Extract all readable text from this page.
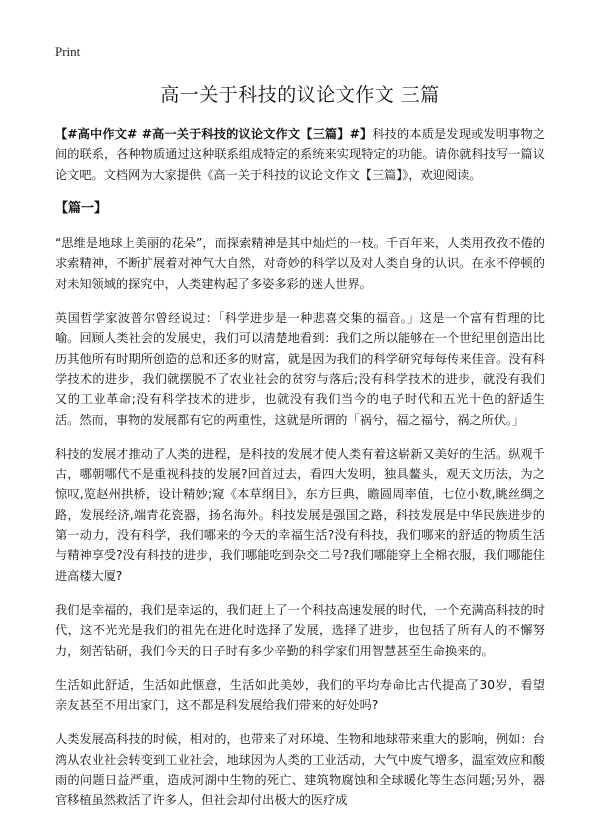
Print
高一关于科技的议论文作文 三篇

【#高中作文# #高一关于科技的议论文作文【三篇】#】科技的本质是发现或发明事物之间的联系，各种物质通过这种联系组成特定的系统来实现特定的功能。请你就科技写一篇议论文吧。文档网为大家提供《高一关于科技的议论文作文【三篇】》，欢迎阅读。

【篇一】

“思维是地球上美丽的花朵”，而探索精神是其中灿烂的一枝。千百年来，人类用孜孜不倦的求索精神，不断扩展着对神气大自然，对奇妙的科学以及对人类自身的认识。在永不停顿的对未知领域的探究中，人类建构起了多姿多彩的迷人世界。

英国哲学家波普尔曾经说过：「科学进步是一种悲喜交集的福音。」这是一个富有哲理的比喻。回顾人类社会的发展史，我们可以清楚地看到：我们之所以能够在一个世纪里创造出比历其他所有时期所创造的总和还多的财富，就是因为我们的科学研究每每传来佳音。没有科学技术的进步，我们就摆脱不了农业社会的贫穷与落后;没有科学技术的进步，就没有我们又的工业革命;没有科学技术的进步，也就没有我们当今的电子时代和五光十色的舒适生活。然而，事物的发展都有它的两重性，这就是所谓的「祸兮，福之福兮，祸之所伏。」

科技的发展才推动了人类的进程，是科技的发展才使人类有着这崭新又美好的生活。纵观千古，哪朝哪代不是重视科技的发展?回首过去，看四大发明，独具鳌头，观天文历法，为之惊叹,览赵州拱桥，设计精妙;窥《本草纲目》，东方巨典，瞻圆周率值，七位小数,眺丝绸之路，发展经济,端青花瓷器，扬名海外。科技发展是强国之路，科技发展是中华民族进步的第一动力，没有科学，我们哪来的今天的幸福生活?没有科技，我们哪来的舒适的物质生活与精神享受?没有科技的进步，我们哪能吃到杂交二号?我们哪能穿上全棉衣服，我们哪能住进高楼大厦?

我们是幸福的，我们是幸运的，我们赶上了一个科技高速发展的时代，一个充满高科技的时代，这不光光是我们的祖先在进化时选择了发展，选择了进步，也包括了所有人的不懈努力，刻苦钻研，我们今天的日子时有多少辛勤的科学家们用智慧甚至生命换来的。

生活如此舒适，生活如此惬意，生活如此美妙，我们的平均寿命比古代提高了30岁，看望亲友甚至不用出家门，这不都是科发展给我们带来的好处吗?

人类发展高科技的时候，相对的，也带来了对环境、生物和地球带来重大的影响，例如：台湾从农业社会转变到工业社会，地球因为人类的工业活动，大气中废气增多，温室效应和酸雨的问题日益严重，造成河湖中生物的死亡、建筑物腐蚀和全球暖化等生态问题;另外，器官移植虽然救活了许多人，但社会却付出极大的医疗成
